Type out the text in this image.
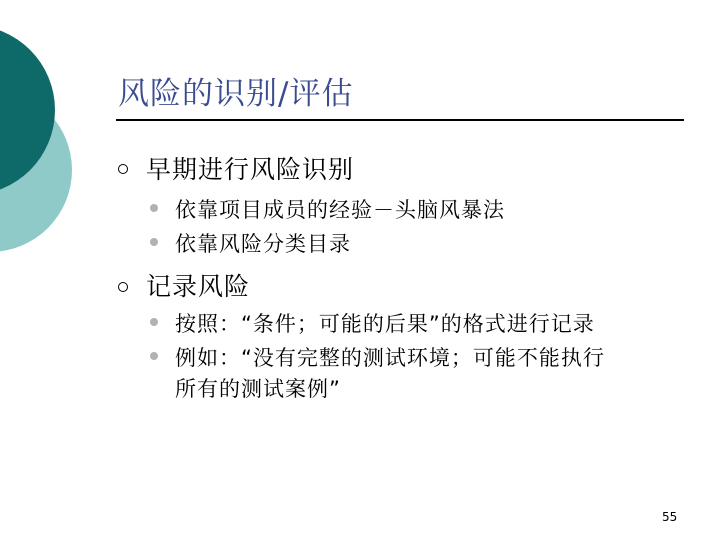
风险的识别/评估
早期进行风险识别
依靠项目成员的经验－头脑风暴法
依靠风险分类目录
记录风险
按照：“条件；可能的后果”的格式进行记录
例如：“没有完整的测试环境；可能不能执行
所有的测试案例”
55
